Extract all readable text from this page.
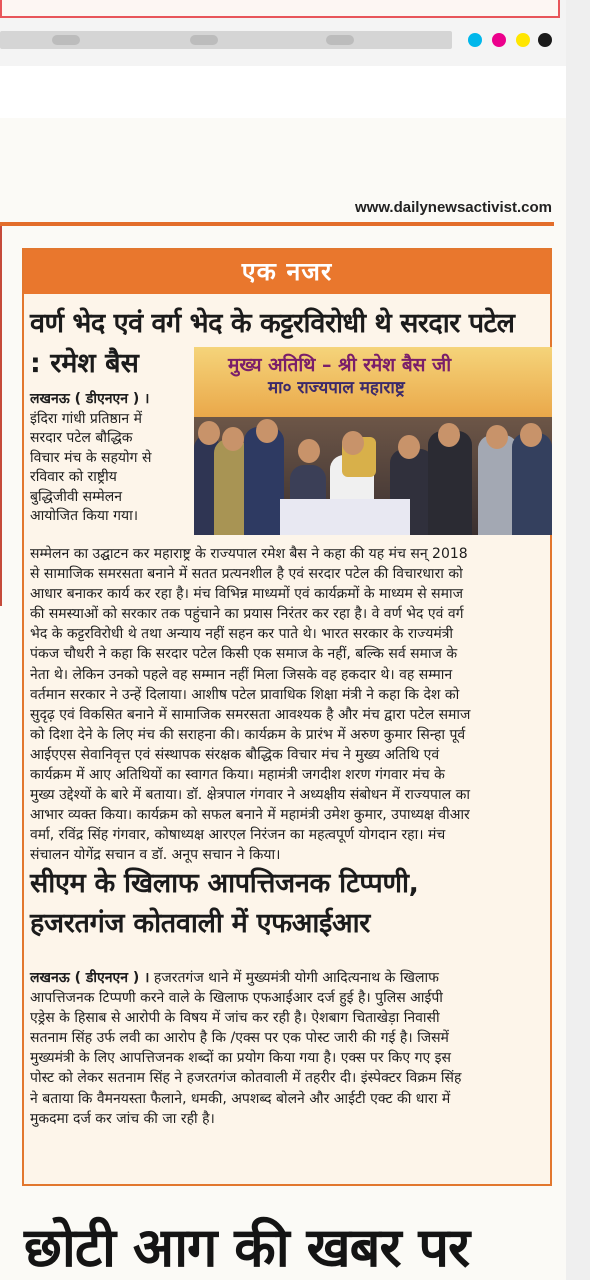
www.dailynewsactivist.com
एक नजर
वर्ण भेद एवं वर्ग भेद के कट्टरविरोधी थे सरदार पटेल
: रमेश बैस	मुख्य अतिथि – श्री रमेश बैस जी
मा० राज्यपाल महाराष्ट्र
लखनऊ ( डीएनएन ) ।
इंदिरा गांधी प्रतिष्ठान में
सरदार पटेल बौद्धिक
विचार मंच के सहयोग से
रविवार को राष्ट्रीय
बुद्धिजीवी सम्मेलन
आयोजित किया गया।
सम्मेलन का उद्घाटन कर महाराष्ट्र के राज्यपाल रमेश बैस ने कहा की यह मंच सन् 2018
से सामाजिक समरसता बनाने में सतत प्रत्यनशील है एवं सरदार पटेल की विचारधारा को
आधार बनाकर कार्य कर रहा है। मंच विभिन्न माध्यमों एवं कार्यक्रमों के माध्यम से समाज
की समस्याओं को सरकार तक पहुंचाने का प्रयास निरंतर कर रहा है। वे वर्ण भेद एवं वर्ग
भेद के कट्टरविरोधी थे तथा अन्याय नहीं सहन कर पाते थे। भारत सरकार के राज्यमंत्री
पंकज चौधरी ने कहा कि सरदार पटेल किसी एक समाज के नहीं, बल्कि सर्व समाज के
नेता थे। लेकिन उनको पहले वह सम्मान नहीं मिला जिसके वह हकदार थे। वह सम्मान
वर्तमान सरकार ने उन्हें दिलाया। आशीष पटेल प्रावाधिक शिक्षा मंत्री ने कहा कि देश को
सुदृढ़ एवं विकसित बनाने में सामाजिक समरसता आवश्यक है और मंच द्वारा पटेल समाज
को दिशा देने के लिए मंच की सराहना की। कार्यक्रम के प्रारंभ में अरुण कुमार सिन्हा पूर्व
आईएएस सेवानिवृत्त एवं संस्थापक संरक्षक बौद्धिक विचार मंच ने मुख्य अतिथि एवं
कार्यक्रम में आए अतिथियों का स्वागत किया। महामंत्री जगदीश शरण गंगवार मंच के
मुख्य उद्देश्यों के बारे में बताया। डॉ. क्षेत्रपाल गंगवार ने अध्यक्षीय संबोधन में राज्यपाल का
आभार व्यक्त किया। कार्यक्रम को सफल बनाने में महामंत्री उमेश कुमार, उपाध्यक्ष वीआर
वर्मा, रविंद्र सिंह गंगवार, कोषाध्यक्ष आरएल निरंजन का महत्वपूर्ण योगदान रहा। मंच
संचालन योगेंद्र सचान व डॉ. अनूप सचान ने किया।
सीएम के खिलाफ आपत्तिजनक टिप्पणी,
हजरतगंज कोतवाली में एफआईआर
लखनऊ ( डीएनएन ) । हजरतगंज थाने में मुख्यमंत्री योगी आदित्यनाथ के खिलाफ
आपत्तिजनक टिप्पणी करने वाले के खिलाफ एफआईआर दर्ज हुई है। पुलिस आईपी
एड्रेस के हिसाब से आरोपी के विषय में जांच कर रही है। ऐशबाग चिताखेड़ा निवासी
सतनाम सिंह उर्फ लवी का आरोप है कि /एक्स पर एक पोस्ट जारी की गई है। जिसमें
मुख्यमंत्री के लिए आपत्तिजनक शब्दों का प्रयोग किया गया है। एक्स पर किए गए इस
पोस्ट को लेकर सतनाम सिंह ने हजरतगंज कोतवाली में तहरीर दी। इंस्पेक्टर विक्रम सिंह
ने बताया कि वैमनयस्ता फैलाने, धमकी, अपशब्द बोलने और आईटी एक्ट की धारा में
मुकदमा दर्ज कर जांच की जा रही है।
छोटी आग की खबर पर
